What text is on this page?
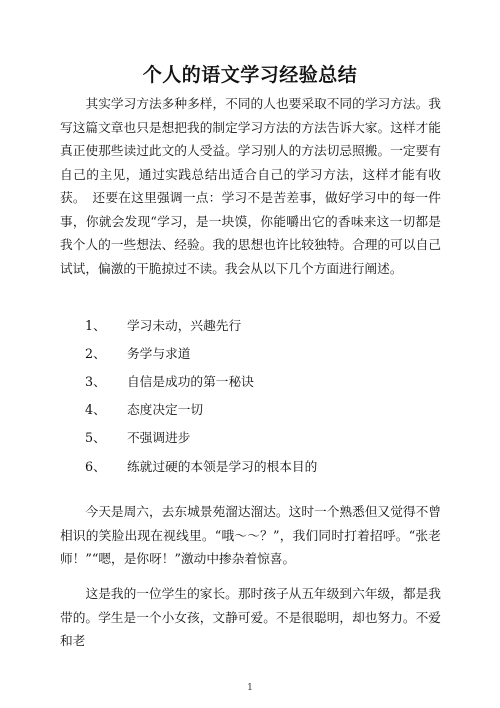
个人的语文学习经验总结

其实学习方法多种多样，不同的人也要采取不同的学习方法。我写这篇文章也只是想把我的制定学习方法的方法告诉大家。这样才能真正使那些读过此文的人受益。学习别人的方法切忌照搬。一定要有自己的主见，通过实践总结出适合自己的学习方法，这样才能有收获。　还要在这里强调一点：学习不是苦差事，做好学习中的每一件事，你就会发现“学习，是一块馍，你能嚼出它的香味来这一切都是我个人的一些想法、经验。我的思想也许比较独特。合理的可以自己试试，偏激的干脆掠过不读。我会从以下几个方面进行阐述。

1、 学习未动，兴趣先行
2、 务学与求道
3、 自信是成功的第一秘诀
4、 态度决定一切
5、 不强调进步
6、 练就过硬的本领是学习的根本目的

今天是周六，去东城景苑溜达溜达。这时一个熟悉但又觉得不曾相识的笑脸出现在视线里。“哦～～？”，我们同时打着招呼。“张老师！”“嗯，是你呀！”激动中掺杂着惊喜。

这是我的一位学生的家长。那时孩子从五年级到六年级，都是我带的。学生是一个小女孩，文静可爱。不是很聪明，却也努力。不爱和老

1
